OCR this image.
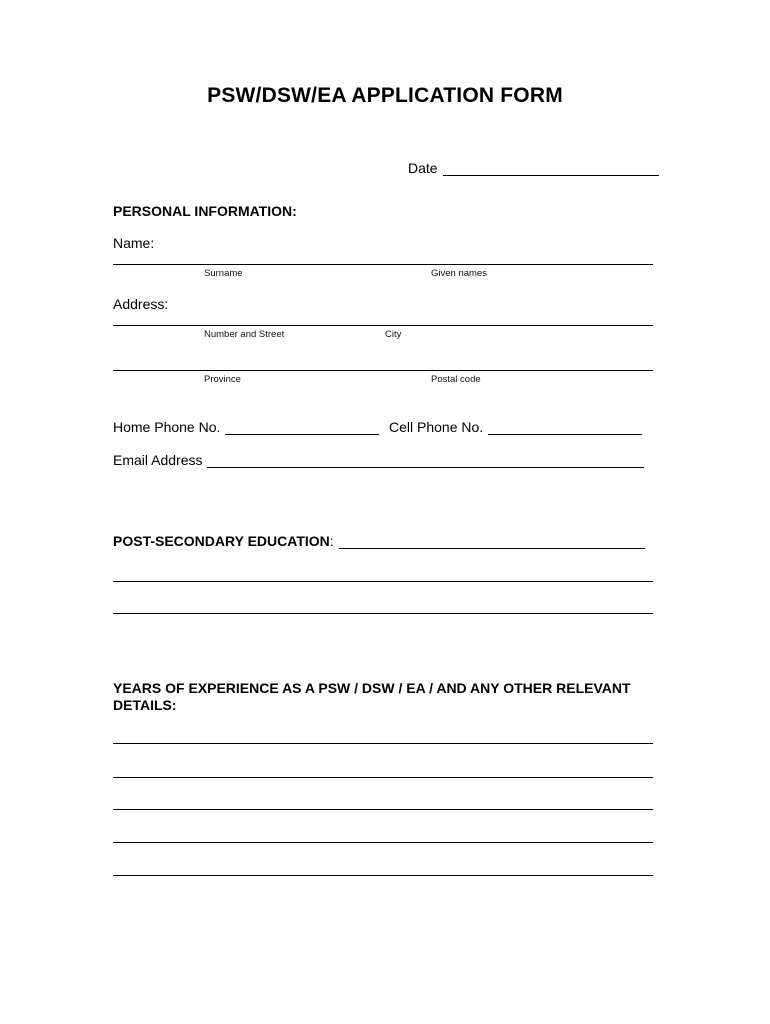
PSW/DSW/EA APPLICATION FORM
Date
PERSONAL INFORMATION:
Name:
Surname	Given names
Address:
Number and Street	City
Province	Postal code
Home Phone No.	Cell Phone No.
Email Address
POST-SECONDARY EDUCATION :
YEARS OF EXPERIENCE AS A PSW / DSW / EA / AND ANY OTHER RELEVANT DETAILS:
